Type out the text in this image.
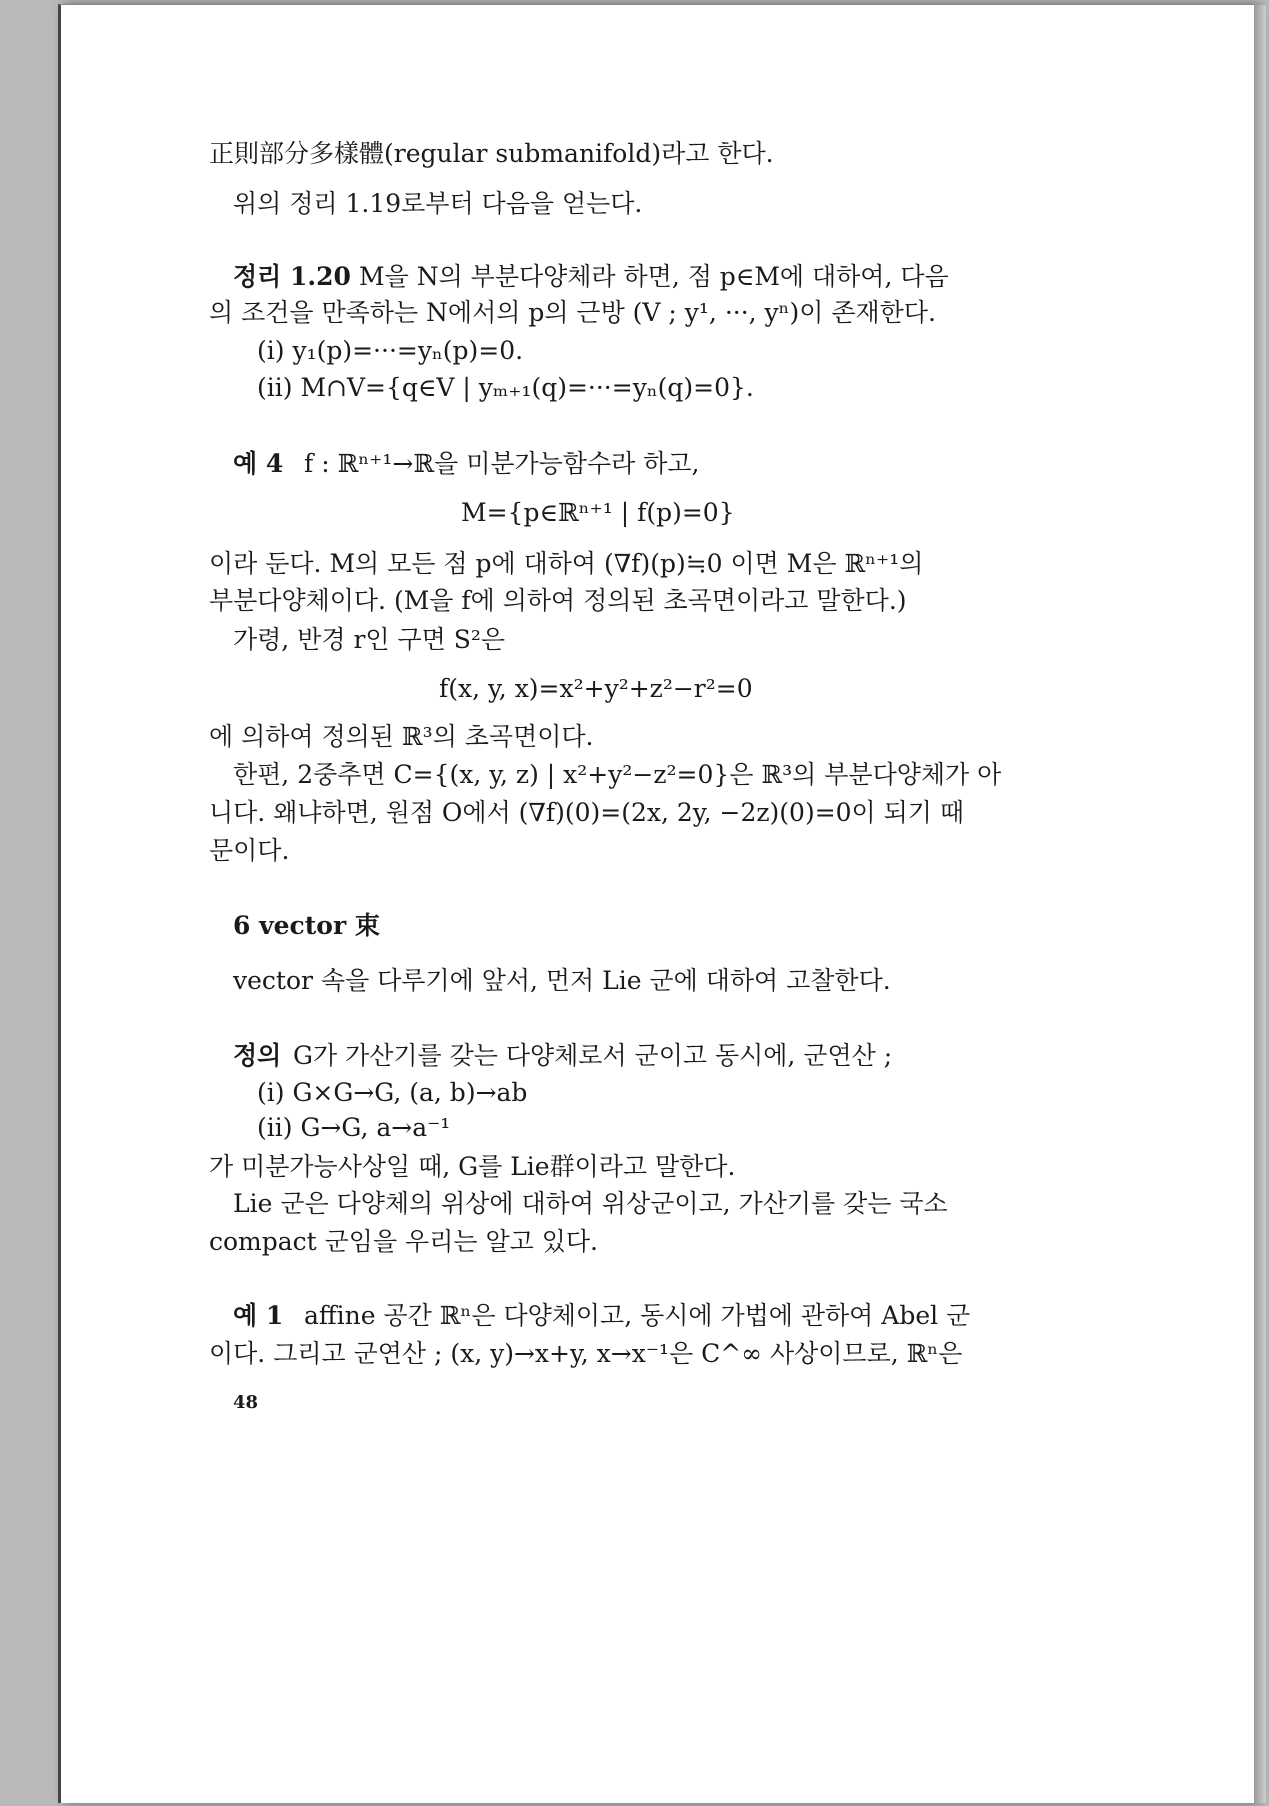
正則部分多樣體(regular submanifold)라고 한다.
위의 정리 1.19로부터 다음을 얻는다.
정리 1.20 M을 N의 부분다양체라 하면, 점 p∈M에 대하여, 다음
의 조건을 만족하는 N에서의 p의 근방 (V ; y¹, ···, yⁿ)이 존재한다.
(i) y₁(p)=···=yₙ(p)=0.
(ii) M∩V={q∈V | yₘ₊₁(q)=···=yₙ(q)=0}.
예 4 f : ℝⁿ⁺¹→ℝ을 미분가능함수라 하고,
M={p∈ℝⁿ⁺¹ | f(p)=0}
이라 둔다. M의 모든 점 p에 대하여 (∇f)(p)≒0 이면 M은 ℝⁿ⁺¹의
부분다양체이다. (M을 f에 의하여 정의된 초곡면이라고 말한다.)
가령, 반경 r인 구면 S²은
f(x, y, x)=x²+y²+z²−r²=0
에 의하여 정의된 ℝ³의 초곡면이다.
한편, 2중추면 C={(x, y, z) | x²+y²−z²=0}은 ℝ³의 부분다양체가 아
니다. 왜냐하면, 원점 O에서 (∇f)(0)=(2x, 2y, −2z)(0)=0이 되기 때
문이다.
6 vector 束
vector 속을 다루기에 앞서, 먼저 Lie 군에 대하여 고찰한다.
정의 G가 가산기를 갖는 다양체로서 군이고 동시에, 군연산 ;
(i) G×G→G, (a, b)→ab
(ii) G→G, a→a⁻¹
가 미분가능사상일 때, G를 Lie群이라고 말한다.
Lie 군은 다양체의 위상에 대하여 위상군이고, 가산기를 갖는 국소
compact 군임을 우리는 알고 있다.
예 1 affine 공간 ℝⁿ은 다양체이고, 동시에 가법에 관하여 Abel 군
이다. 그리고 군연산 ; (x, y)→x+y, x→x⁻¹은 C^∞ 사상이므로, ℝⁿ은
48
